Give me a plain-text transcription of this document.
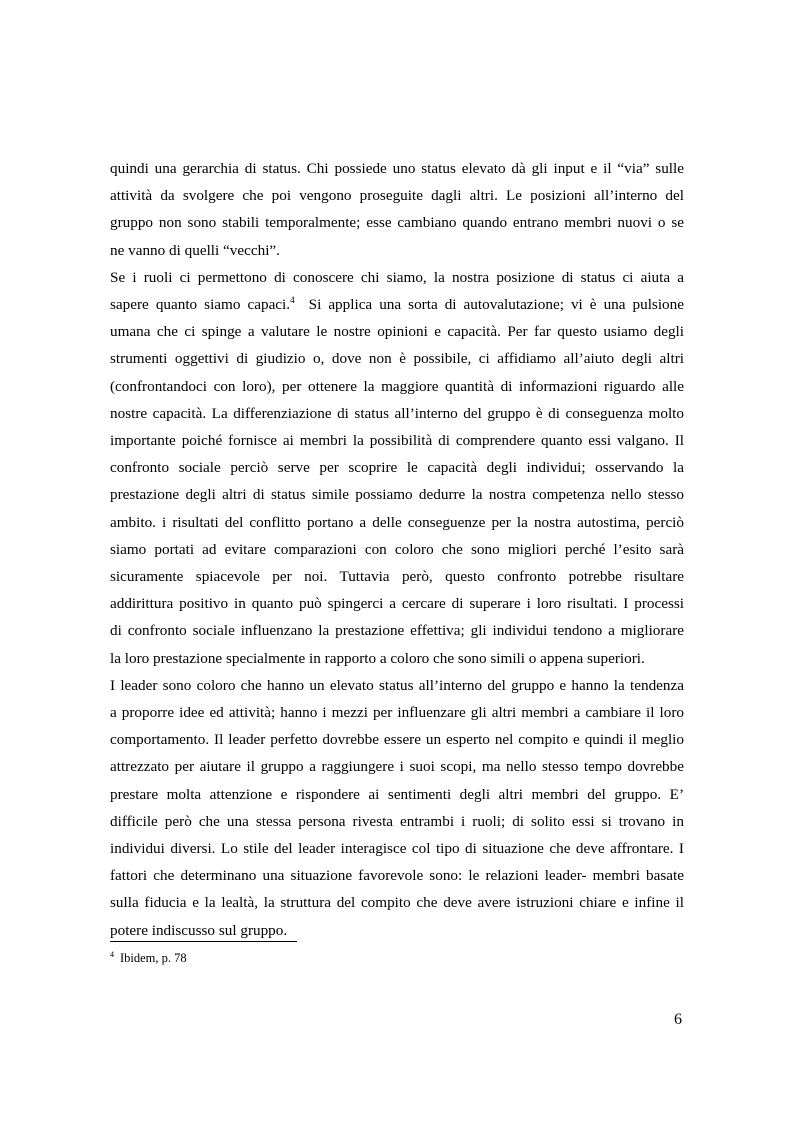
quindi una gerarchia di status. Chi possiede uno status elevato dà gli input e il “via” sulle
attività da svolgere che poi vengono proseguite dagli altri. Le posizioni all’interno del
gruppo non sono stabili temporalmente; esse cambiano quando entrano membri nuovi o se
ne vanno di quelli “vecchi”.

Se i ruoli ci permettono di conoscere chi siamo, la nostra posizione di status ci aiuta a
sapere quanto siamo capaci.$^4$ Si applica una sorta di autovalutazione; vi è una pulsione
umana che ci spinge a valutare le nostre opinioni e capacità. Per far questo usiamo degli
strumenti oggettivi di giudizio o, dove non è possibile, ci affidiamo all’aiuto degli altri
(confrontandoci con loro), per ottenere la maggiore quantità di informazioni riguardo alle
nostre capacità. La differenziazione di status all’interno del gruppo è di conseguenza molto
importante poiché fornisce ai membri la possibilità di comprendere quanto essi valgano. Il
confronto sociale perciò serve per scoprire le capacità degli individui; osservando la
prestazione degli altri di status simile possiamo dedurre la nostra competenza nello stesso
ambito. i risultati del conflitto portano a delle conseguenze per la nostra autostima, perciò
siamo portati ad evitare comparazioni con coloro che sono migliori perché l’esito sarà
sicuramente spiacevole per noi. Tuttavia però, questo confronto potrebbe risultare
addirittura positivo in quanto può spingerci a cercare di superare i loro risultati. I processi
di confronto sociale influenzano la prestazione effettiva; gli individui tendono a migliorare
la loro prestazione specialmente in rapporto a coloro che sono simili o appena superiori.

I leader sono coloro che hanno un elevato status all’interno del gruppo e hanno la tendenza
a proporre idee ed attività; hanno i mezzi per influenzare gli altri membri a cambiare il loro
comportamento. Il leader perfetto dovrebbe essere un esperto nel compito e quindi il meglio
attrezzato per aiutare il gruppo a raggiungere i suoi scopi, ma nello stesso tempo dovrebbe
prestare molta attenzione e rispondere ai sentimenti degli altri membri del gruppo. E’
difficile però che una stessa persona rivesta entrambi i ruoli; di solito essi si trovano in
individui diversi. Lo stile del leader interagisce col tipo di situazione che deve affrontare. I
fattori che determinano una situazione favorevole sono: le relazioni leader- membri basate
sulla fiducia e la lealtà, la struttura del compito che deve avere istruzioni chiare e infine il
potere indiscusso sul gruppo.

$^4$ Ibidem, p. 78
6
